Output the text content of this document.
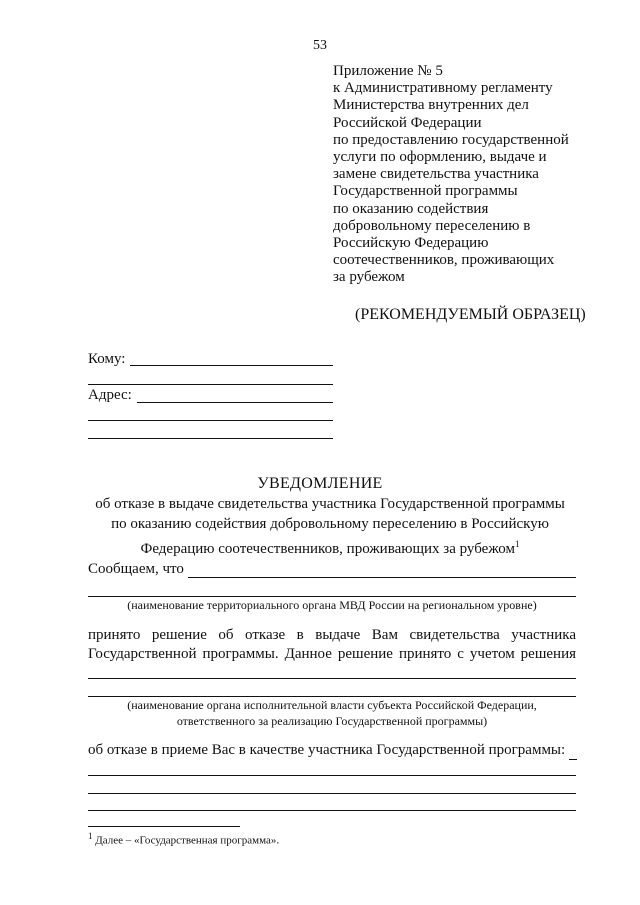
53
Приложение № 5
к Административному регламенту
Министерства внутренних дел
Российской Федерации
по предоставлению государственной
услуги по оформлению, выдаче и
замене свидетельства участника
Государственной программы
по оказанию содействия
добровольному переселению в
Российскую Федерацию
соотечественников, проживающих
за рубежом
(РЕКОМЕНДУЕМЫЙ ОБРАЗЕЦ)
Кому:
Адрес:
УВЕДОМЛЕНИЕ
об отказе в выдаче свидетельства участника Государственной программы
по оказанию содействия добровольному переселению в Российскую
Федерацию соотечественников, проживающих за рубежом$^1$
Сообщаем, что
(наименование территориального органа МВД России на региональном уровне)
принято решение об отказе в выдаче Вам свидетельства участника
Государственной программы. Данное решение принято с учетом решения
(наименование органа исполнительной власти субъекта Российской Федерации,
ответственного за реализацию Государственной программы)
об отказе в приеме Вас в качестве участника Государственной программы:
$^1$ Далее – «Государственная программа».
